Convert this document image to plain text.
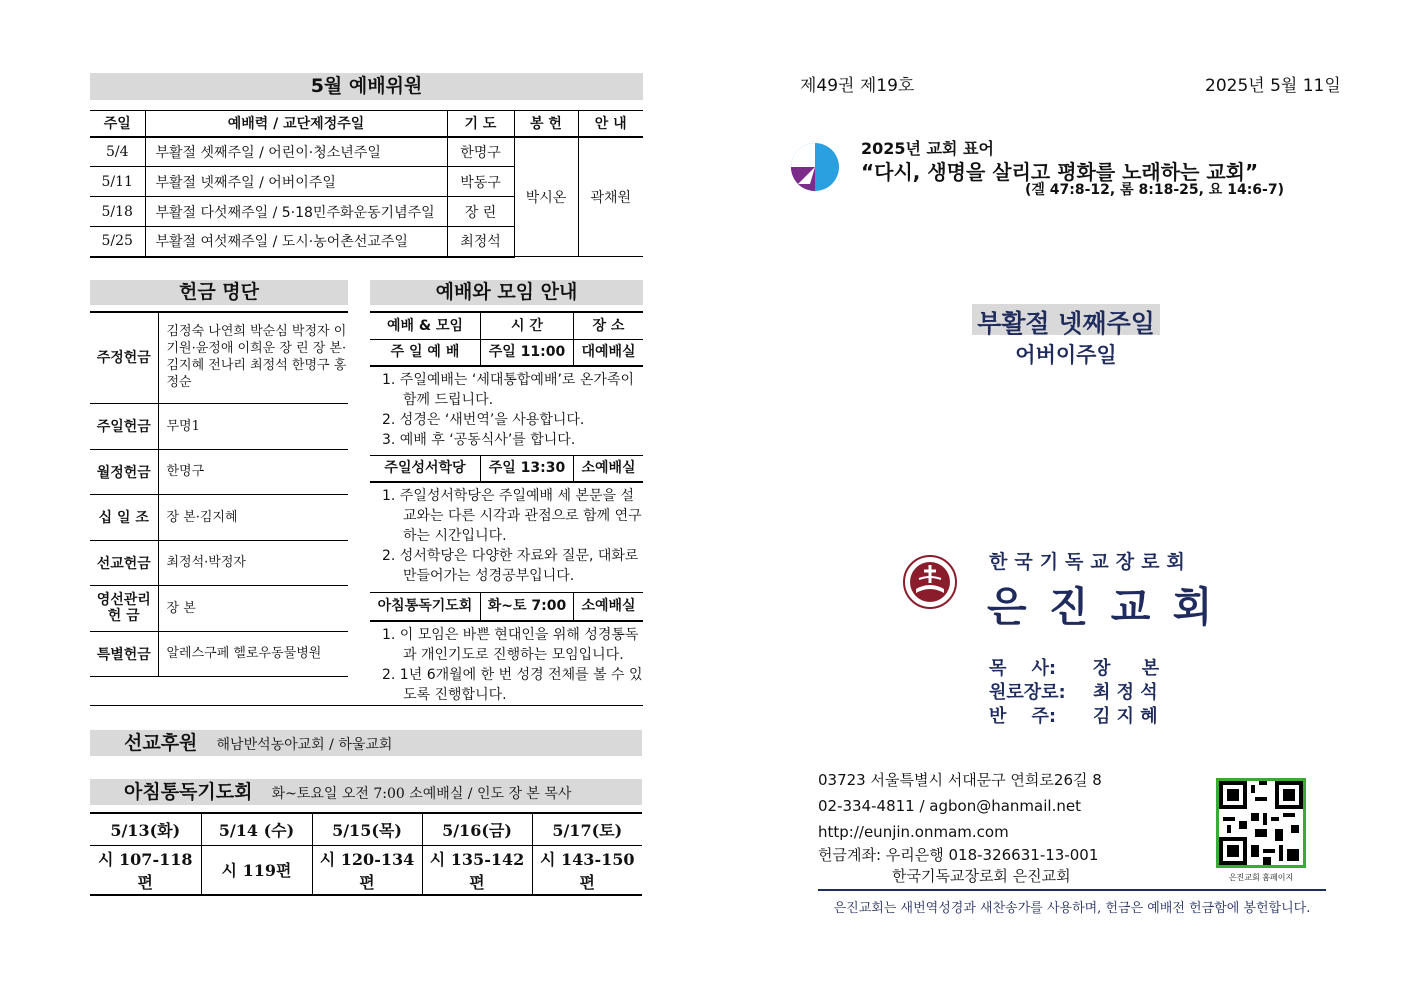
5월 예배위원
주일	예배력 / 교단제정주일	기 도	봉 헌	안 내
5/4	부활절 셋째주일 / 어린이·청소년주일	한명구	박시온	곽채원
5/11	부활절 넷째주일 / 어버이주일	박동구		
5/18	부활절 다섯째주일 / 5·18민주화운동기념주일	장 린		
5/25	부활절 여섯째주일 / 도시·농어촌선교주일	최정석		
헌금 명단
주정헌금	김정숙 나연희 박순심 박정자 이기원·윤정애 이희운 장 린 장 본·김지혜 전나리 최정석 한명구 홍정순
주일헌금	무명1
월정헌금	한명구
십 일 조	장 본·김지혜
선교헌금	최정석·박정자
영선관리 헌 금	장 본
특별헌금	알레스구페 헬로우동물병원
예배와 모임 안내
예배 & 모임	시 간	장 소
주 일 예 배	주일 11:00	대예배실
1. 주일예배는 ‘세대통합예배’로 온가족이 함께 드립니다.
2. 성경은 ‘새번역’을 사용합니다.
3. 예배 후 ‘공동식사’를 합니다.
주일성서학당	주일 13:30	소예배실
1. 주일성서학당은 주일예배 세 본문을 설교와는 다른 시각과 관점으로 함께 연구하는 시간입니다.
2. 성서학당은 다양한 자료와 질문, 대화로 만들어가는 성경공부입니다.
아침통독기도회	화~토 7:00	소예배실
1. 이 모임은 바쁜 현대인을 위해 성경통독과 개인기도로 진행하는 모임입니다.
2. 1년 6개월에 한 번 성경 전체를 볼 수 있도록 진행합니다.
선교후원 해남반석농아교회 / 하울교회
아침통독기도회 화~토요일 오전 7:00 소예배실 / 인도 장 본 목사
5/13(화)	5/14 (수)	5/15(목)	5/16(금)	5/17(토)
시 107-118편	시 119편	시 120-134편	시 135-142편	시 143-150편
제49권 제19호	2025년 5월 11일
2025년 교회 표어
“다시, 생명을 살리고 평화를 노래하는 교회”
(겔 47:8-12, 롬 8:18-25, 요 14:6-7)
부활절 넷째주일
어버이주일
한국기독교장로회
은 진 교 회
목    사: 장     본
원로장로: 최 정 석
반    주: 김 지 혜
03723 서울특별시 서대문구 연희로26길 8
02-334-4811 / agbon@hanmail.net
http://eunjin.onmam.com
헌금계좌: 우리은행 018-326631-13-001
한국기독교장로회 은진교회	은진교회 홈페이지
은진교회는 새번역성경과 새찬송가를 사용하며, 헌금은 예배전 헌금함에 봉헌합니다.
